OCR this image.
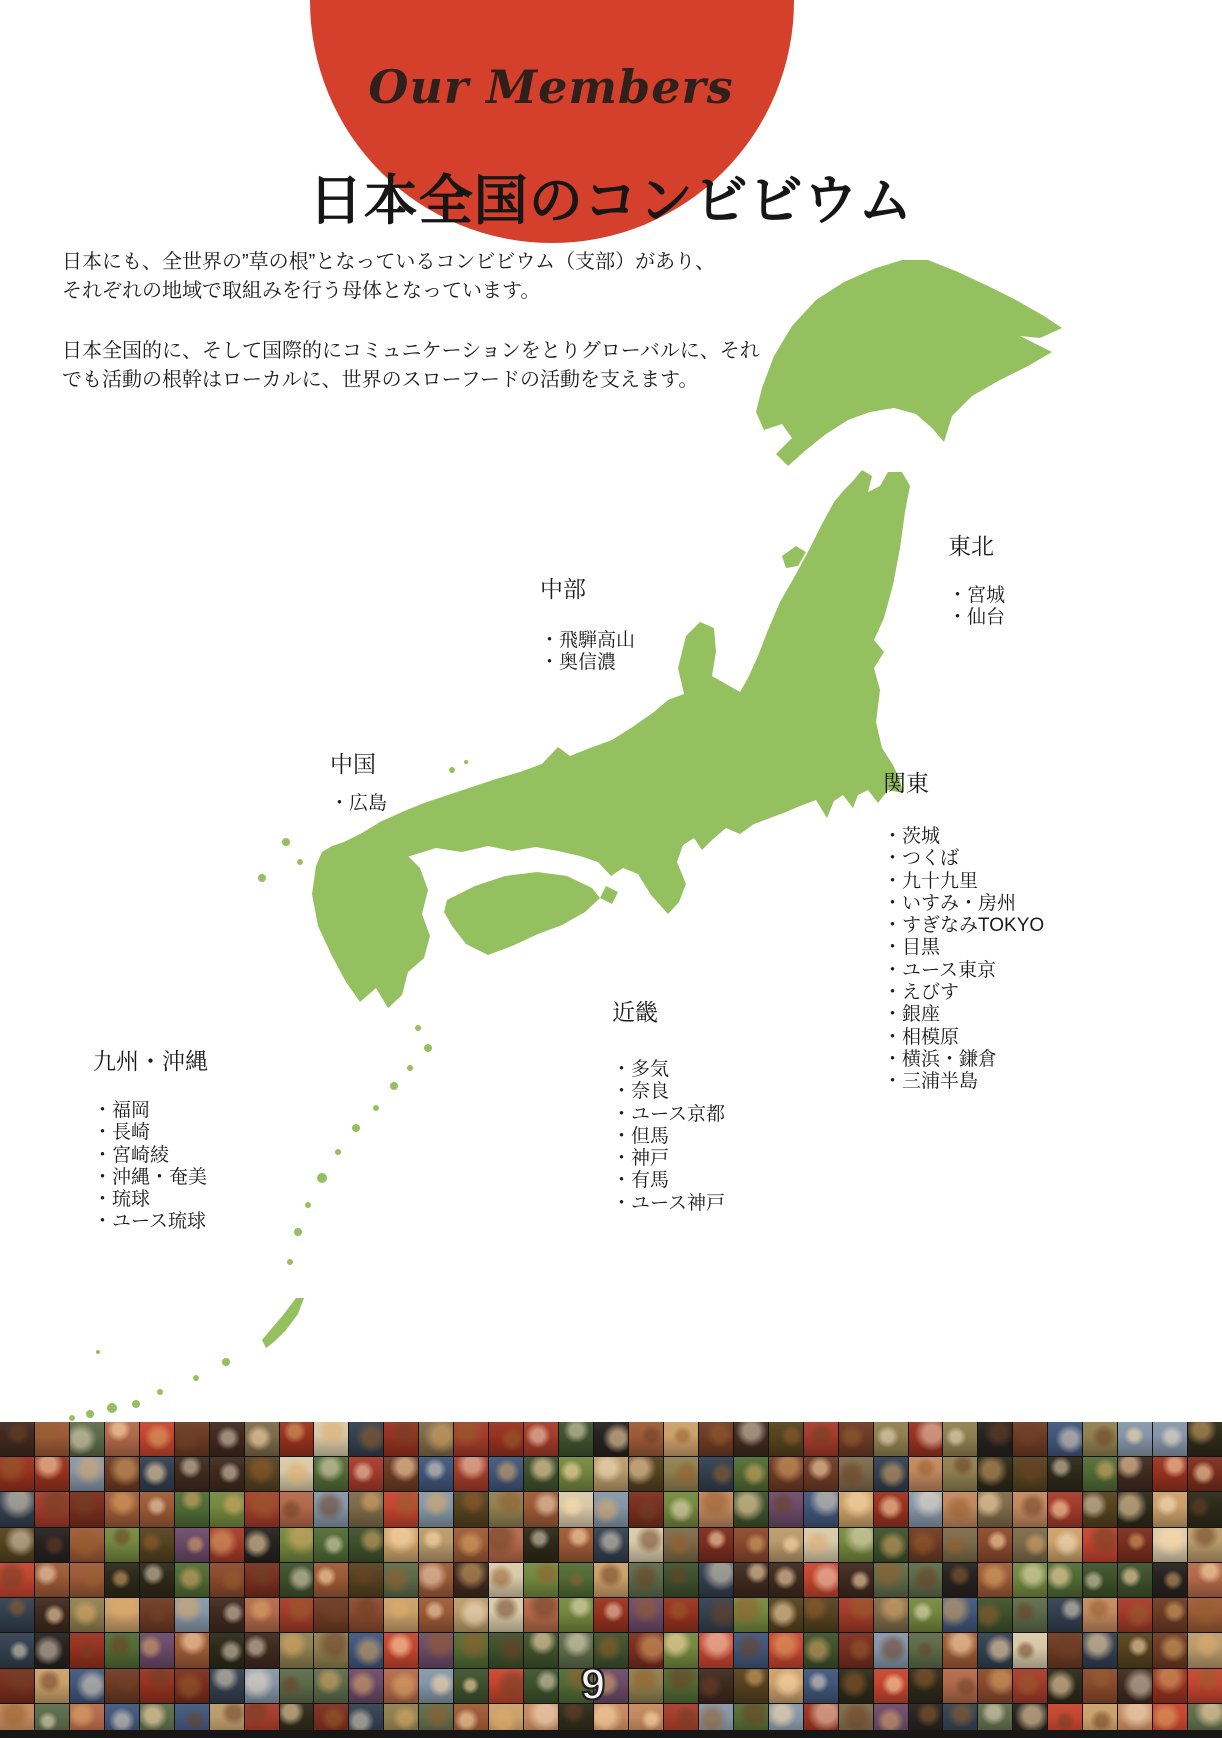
Our Members
日本全国のコンビビウム
日本にも、全世界の”草の根”となっているコンビビウム（支部）があり、
それぞれの地域で取組みを行う母体となっています。
日本全国的に、そして国際的にコミュニケーションをとりグローバルに、それ
でも活動の根幹はローカルに、世界のスローフードの活動を支えます。
東北
・宮城
・仙台
中部
・飛騨高山
・奥信濃
中国
・広島
関東
・茨城
・つくば
・九十九里
・いすみ・房州
・すぎなみTOKYO
・目黒
・ユース東京
・えびす
・銀座
・相模原
・横浜・鎌倉
・三浦半島
近畿
・多気
・奈良
・ユース京都
・但馬
・神戸
・有馬
・ユース神戸
九州・沖縄
・福岡
・長崎
・宮崎綾
・沖縄・奄美
・琉球
・ユース琉球
9
